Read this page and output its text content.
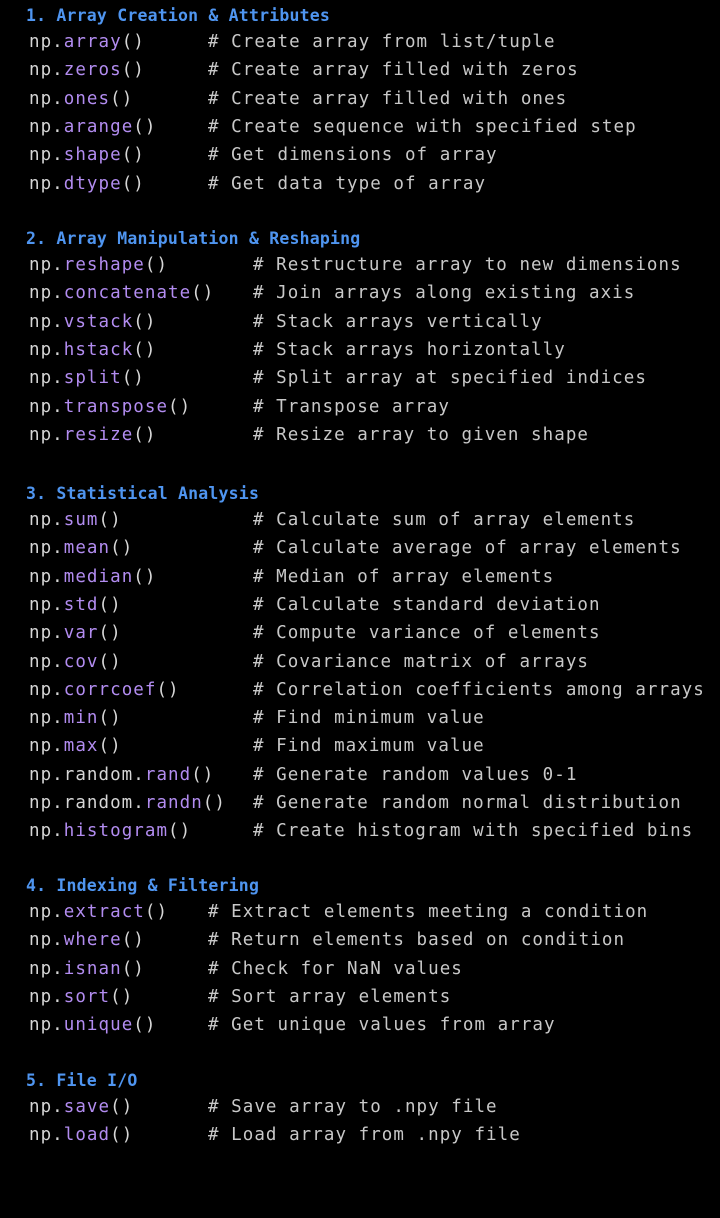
1. Array Creation & Attributes
np.array()	# Create array from list/tuple
np.zeros()	# Create array filled with zeros
np.ones()	# Create array filled with ones
np.arange()	# Create sequence with specified step
np.shape()	# Get dimensions of array
np.dtype()	# Get data type of array
2. Array Manipulation & Reshaping
np.reshape()	# Restructure array to new dimensions
np.concatenate() # Join arrays along existing axis
np.vstack()	# Stack arrays vertically
np.hstack()	# Stack arrays horizontally
np.split()	# Split array at specified indices
np.transpose()	# Transpose array
np.resize()	# Resize array to given shape
3. Statistical Analysis
np.sum()	# Calculate sum of array elements
np.mean()	# Calculate average of array elements
np.median()	# Median of array elements
np.std()	# Calculate standard deviation
np.var()	# Compute variance of elements
np.cov()	# Covariance matrix of arrays
np.corrcoef()	# Correlation coefficients among arrays
np.min()	# Find minimum value
np.max()	# Find maximum value
np.random.rand() # Generate random values 0-1
np.random.randn() # Generate random normal distribution
np.histogram()	# Create histogram with specified bins
4. Indexing & Filtering
np.extract() # Extract elements meeting a condition
np.where()	# Return elements based on condition
np.isnan()	# Check for NaN values
np.sort()	# Sort array elements
np.unique()	# Get unique values from array
5. File I/O
np.save()	# Save array to .npy file
np.load()	# Load array from .npy file
